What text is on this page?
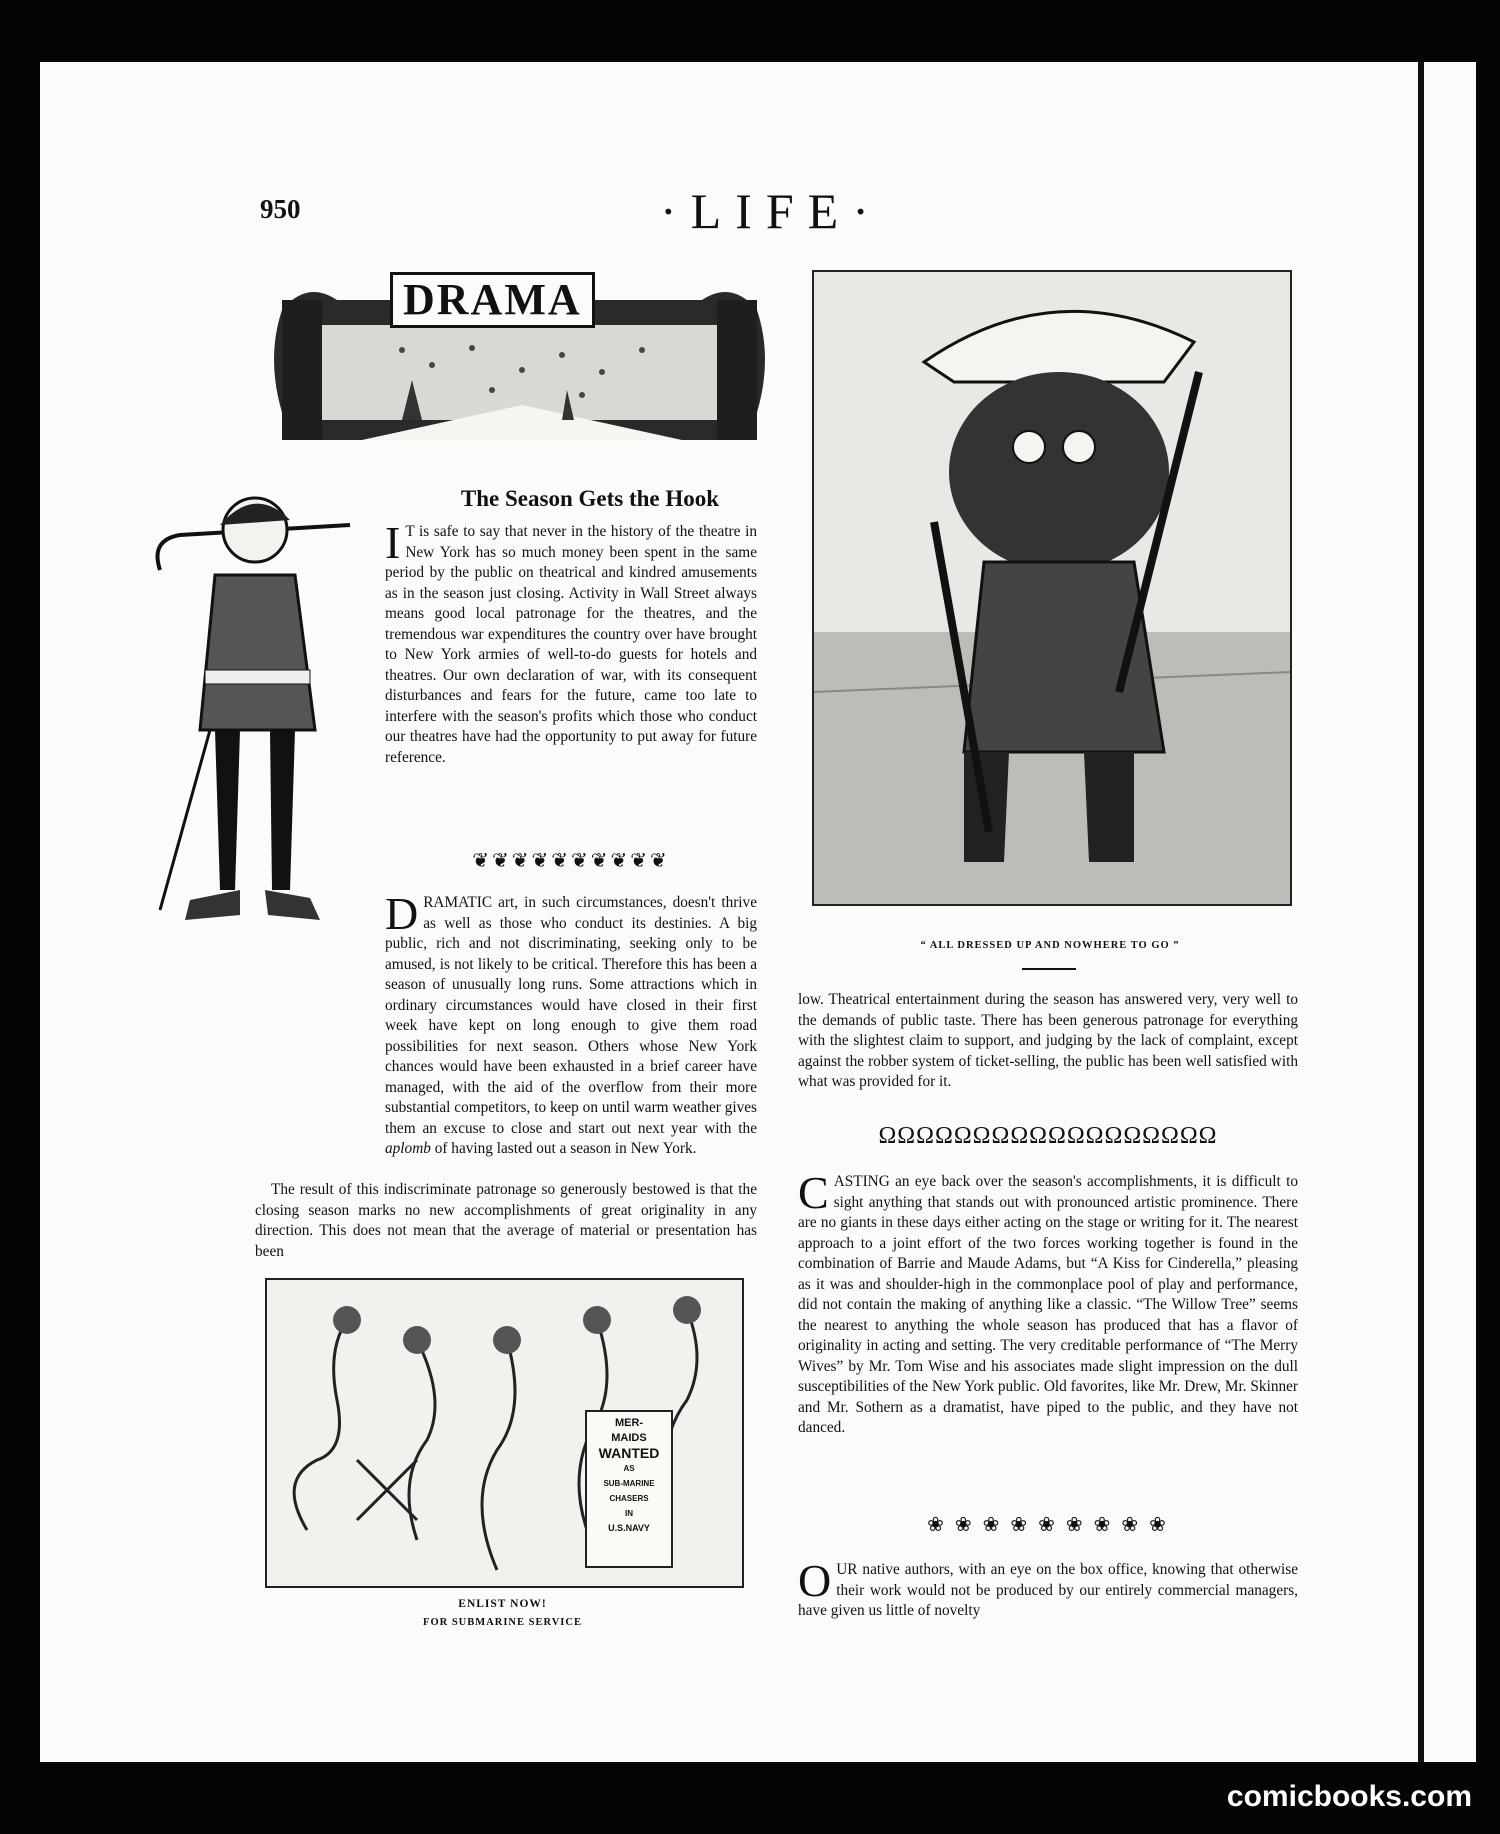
950	·LIFE·
DRAMA
The Season Gets the Hook

I T is safe to say that never in the history of the theatre in New York has so much money been spent in the same period by the public on theatrical and kindred amusements as in the season just closing. Activity in Wall Street always means good local patronage for the theatres, and the tremendous war expenditures the country over have brought to New York armies of well-to-do guests for hotels and theatres. Our own declaration of war, with its consequent disturbances and fears for the future, came too late to interfere with the season's profits which those who conduct our theatres have had the opportunity to put away for future reference.

❦❦❦❦❦❦❦❦❦❦

DRAMATIC art, in such circumstances, doesn't thrive as well as those who conduct its destinies. A big public, rich and not discriminating, seeking only to be amused, is not likely to be critical. Therefore this has been a season of unusually long runs. Some attractions which in ordinary circumstances would have closed in their first week have kept on long enough to give them road possibilities for next season. Others whose New York chances would have been exhausted in a brief career have managed, with the aid of the overflow from their more substantial competitors, to keep on until warm weather gives them an excuse to close and start out next year with the aplomb of having lasted out a season in New York.

The result of this indiscriminate patronage so generously bestowed is that the closing season marks no new accomplishments of great originality in any direction. This does not mean that the average of material or presentation has been

MER-
MAIDS
WANTED
AS
SUB-MARINE
CHASERS
IN
U.S.NAVY
ENLIST NOW!
FOR SUBMARINE SERVICE
“ ALL DRESSED UP AND NOWHERE TO GO ”

low. Theatrical entertainment during the season has answered very, very well to the demands of public taste. There has been generous patronage for everything with the slightest claim to support, and judging by the lack of complaint, except against the robber system of ticket-selling, the public has been well satisfied with what was provided for it.

ΩΩΩΩΩΩΩΩΩΩΩΩΩΩΩΩΩΩ

CASTING an eye back over the season's accomplishments, it is difficult to sight anything that stands out with pronounced artistic prominence. There are no giants in these days either acting on the stage or writing for it. The nearest approach to a joint effort of the two forces working together is found in the combination of Barrie and Maude Adams, but “A Kiss for Cinderella,” pleasing as it was and shoulder-high in the commonplace pool of play and performance, did not contain the making of anything like a classic. “The Willow Tree” seems the nearest to anything the whole season has produced that has a flavor of originality in acting and setting. The very creditable performance of “The Merry Wives” by Mr. Tom Wise and his associates made slight impression on the dull susceptibilities of the New York public. Old favorites, like Mr. Drew, Mr. Skinner and Mr. Sothern as a dramatist, have piped to the public, and they have not danced.

❀ ❀ ❀ ❀ ❀ ❀ ❀ ❀ ❀

OUR native authors, with an eye on the box office, knowing that otherwise their work would not be produced by our entirely commercial managers, have given us little of novelty

comicbooks.com
